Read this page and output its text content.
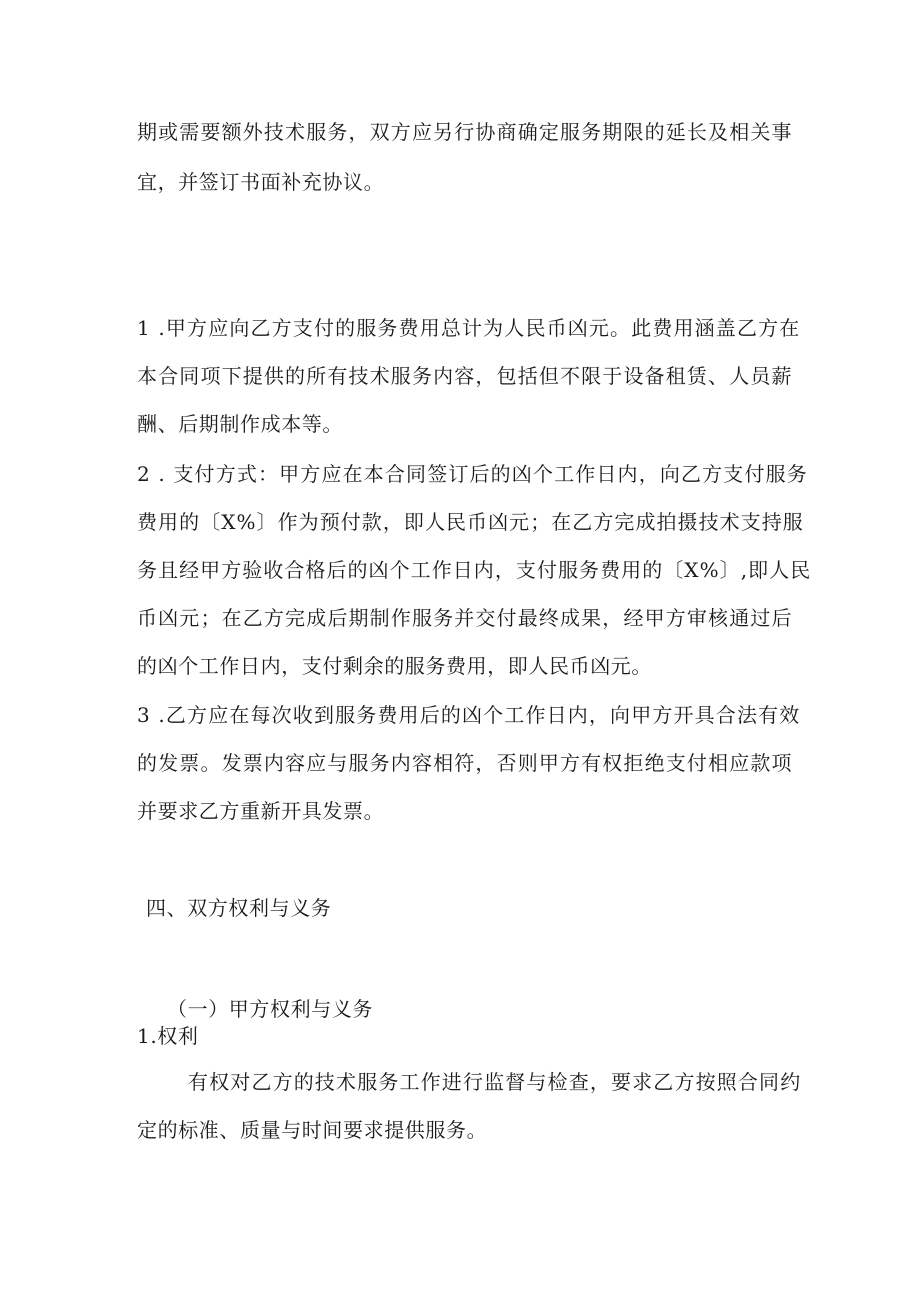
期或需要额外技术服务，双方应另行协商确定服务期限的延长及相关事
宜，并签订书面补充协议。
1 .甲方应向乙方支付的服务费用总计为人民币凶元。此费用涵盖乙方在
本合同项下提供的所有技术服务内容，包括但不限于设备租赁、人员薪
酬、后期制作成本等。
2 . 支付方式：甲方应在本合同签订后的凶个工作日内，向乙方支付服务
费用的〔X%〕作为预付款，即人民币凶元；在乙方完成拍摄技术支持服
务且经甲方验收合格后的凶个工作日内，支付服务费用的〔X%〕,即人民
币凶元；在乙方完成后期制作服务并交付最终成果，经甲方审核通过后
的凶个工作日内，支付剩余的服务费用，即人民币凶元。
3 .乙方应在每次收到服务费用后的凶个工作日内，向甲方开具合法有效
的发票。发票内容应与服务内容相符，否则甲方有权拒绝支付相应款项
并要求乙方重新开具发票。
四、双方权利与义务
（一）甲方权利与义务
1.权利
有权对乙方的技术服务工作进行监督与检查，要求乙方按照合同约
定的标准、质量与时间要求提供服务。
